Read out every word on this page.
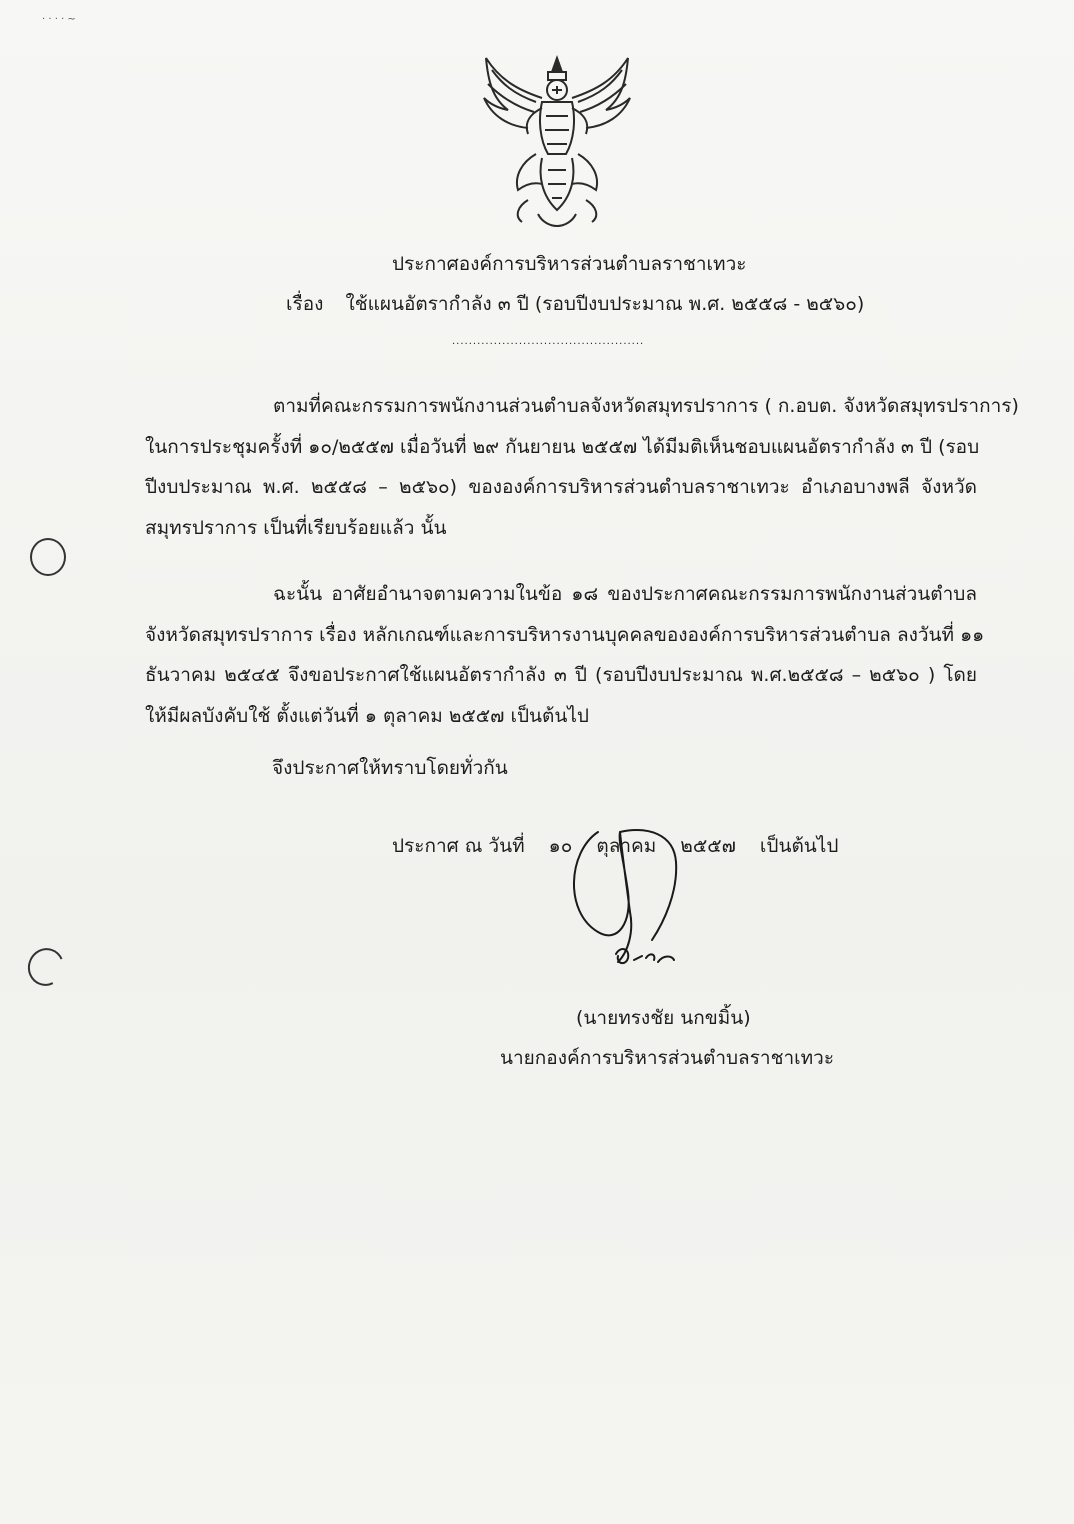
· · · · ~
ประกาศองค์การบริหารส่วนตำบลราชาเทวะ
เรื่อง ใช้แผนอัตรากำลัง ๓ ปี (รอบปีงบประมาณ พ.ศ. ๒๕๕๘ - ๒๕๖๐)
..............................................
ตามที่คณะกรรมการพนักงานส่วนตำบลจังหวัดสมุทรปราการ ( ก.อบต. จังหวัดสมุทรปราการ)
ในการประชุมครั้งที่ ๑๐/๒๕๕๗ เมื่อวันที่ ๒๙ กันยายน ๒๕๕๗ ได้มีมติเห็นชอบแผนอัตรากำลัง ๓ ปี (รอบ
ปีงบประมาณ พ.ศ. ๒๕๕๘ – ๒๕๖๐) ขององค์การบริหารส่วนตำบลราชาเทวะ อำเภอบางพลี จังหวัด
สมุทรปราการ เป็นที่เรียบร้อยแล้ว นั้น
ฉะนั้น อาศัยอำนาจตามความในข้อ ๑๘ ของประกาศคณะกรรมการพนักงานส่วนตำบล
จังหวัดสมุทรปราการ เรื่อง หลักเกณฑ์และการบริหารงานบุคคลขององค์การบริหารส่วนตำบล ลงวันที่ ๑๑
ธันวาคม ๒๕๔๕ จึงขอประกาศใช้แผนอัตรากำลัง ๓ ปี (รอบปีงบประมาณ พ.ศ.๒๕๕๘ – ๒๕๖๐ ) โดย
ให้มีผลบังคับใช้ ตั้งแต่วันที่ ๑ ตุลาคม ๒๕๕๗ เป็นต้นไป
จึงประกาศให้ทราบโดยทั่วกัน
ประกาศ ณ วันที่ ๑๐ ตุลาคม ๒๕๕๗ เป็นต้นไป
(นายทรงชัย นกขมิ้น)
นายกองค์การบริหารส่วนตำบลราชาเทวะ
